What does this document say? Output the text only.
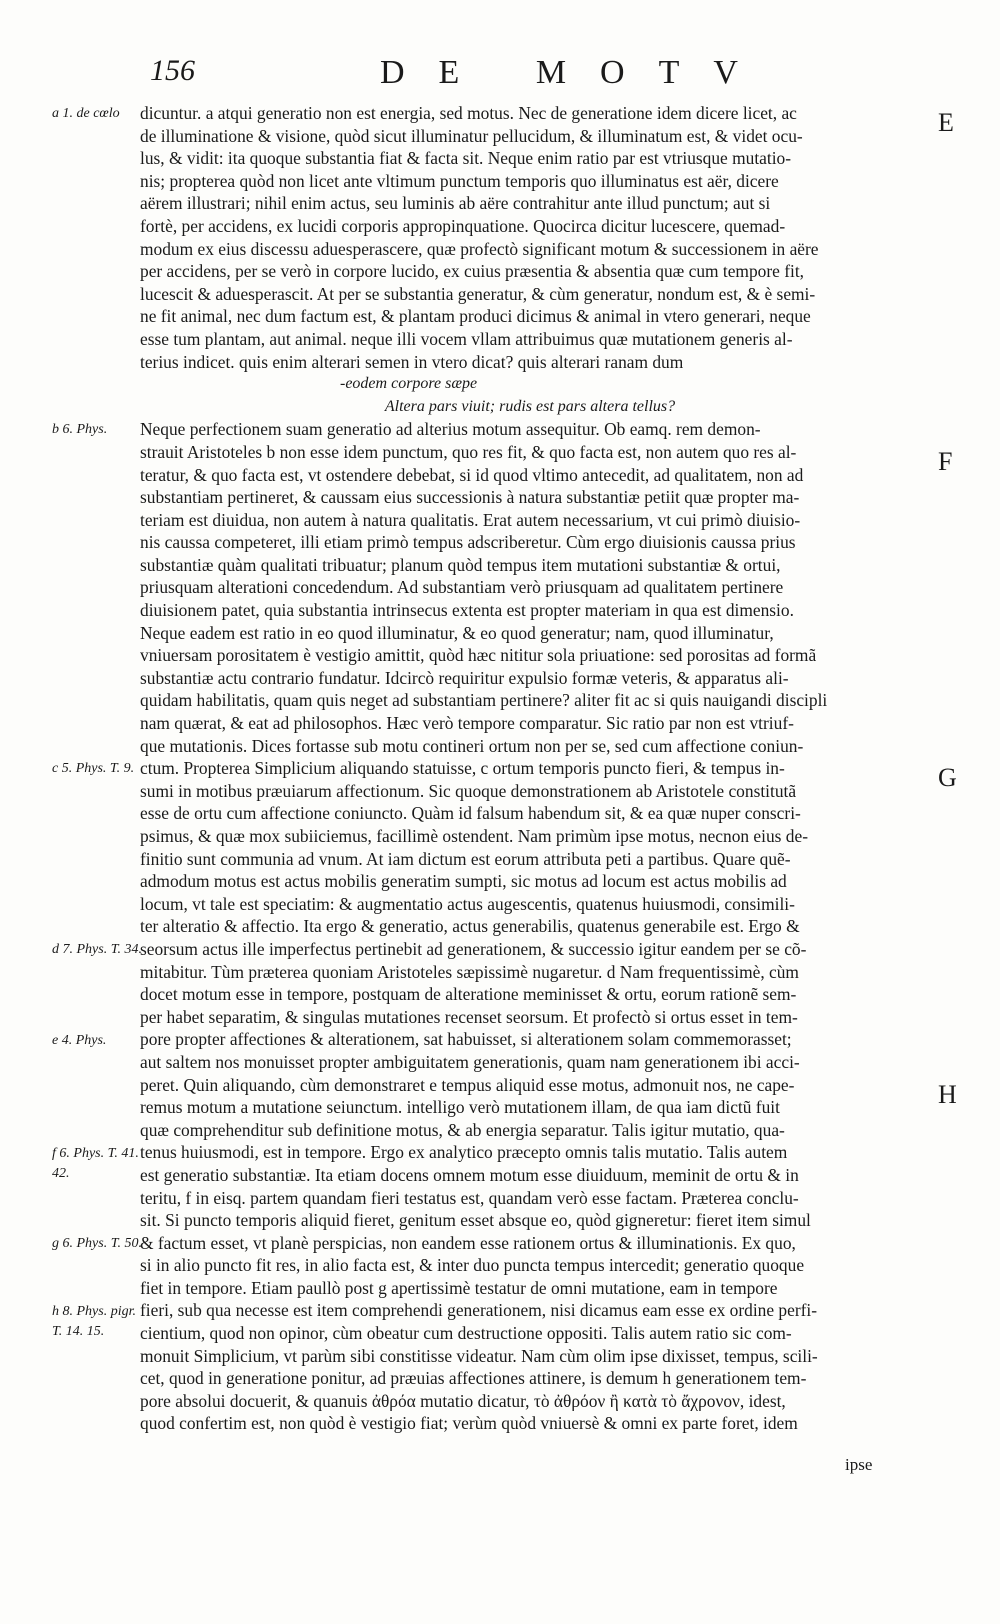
156	DE MOTV
a 1. de cœlo
b 6. Phys.
c 5. Phys. T. 9.
d 7. Phys. T. 34.
e 4. Phys.
f 6. Phys. T. 41. 42.
g 6. Phys. T. 50.
h 8. Phys. pigr. T. 14. 15.
E
F
G
H
dicuntur. a atqui generatio non est energia, sed motus. Nec de generatione idem dicere licet, ac
de illuminatione & visione, quòd sicut illuminatur pellucidum, & illuminatum est, & videt ocu-
lus, & vidit: ita quoque substantia fiat & facta sit. Neque enim ratio par est vtriusque mutatio-
nis; propterea quòd non licet ante vltimum punctum temporis quo illuminatus est aër, dicere
aërem illustrari; nihil enim actus, seu luminis ab aëre contrahitur ante illud punctum; aut si
fortè, per accidens, ex lucidi corporis appropinquatione. Quocirca dicitur lucescere, quemad-
modum ex eius discessu aduesperascere, quæ profectò significant motum & successionem in aëre
per accidens, per se verò in corpore lucido, ex cuius præsentia & absentia quæ cum tempore fit,
lucescit & aduesperascit. At per se substantia generatur, & cùm generatur, nondum est, & è semi-
ne fit animal, nec dum factum est, & plantam produci dicimus & animal in vtero generari, neque
esse tum plantam, aut animal. neque illi vocem vllam attribuimus quæ mutationem generis al-
terius indicet. quis enim alterari semen in vtero dicat? quis alterari ranam dum
-eodem corpore sæpe
Altera pars viuit; rudis est pars altera tellus?
Neque perfectionem suam generatio ad alterius motum assequitur. Ob eamq. rem demon-
strauit Aristoteles b non esse idem punctum, quo res fit, & quo facta est, non autem quo res al-
teratur, & quo facta est, vt ostendere debebat, si id quod vltimo antecedit, ad qualitatem, non ad
substantiam pertineret, & caussam eius successionis à natura substantiæ petiit quæ propter ma-
teriam est diuidua, non autem à natura qualitatis. Erat autem necessarium, vt cui primò diuisio-
nis caussa competeret, illi etiam primò tempus adscriberetur. Cùm ergo diuisionis caussa prius
substantiæ quàm qualitati tribuatur; planum quòd tempus item mutationi substantiæ & ortui,
priusquam alterationi concedendum. Ad substantiam verò priusquam ad qualitatem pertinere
diuisionem patet, quia substantia intrinsecus extenta est propter materiam in qua est dimensio.
Neque eadem est ratio in eo quod illuminatur, & eo quod generatur; nam, quod illuminatur,
vniuersam porositatem è vestigio amittit, quòd hæc nititur sola priuatione: sed porositas ad formã
substantiæ actu contrario fundatur. Idcircò requiritur expulsio formæ veteris, & apparatus ali-
quidam habilitatis, quam quis neget ad substantiam pertinere? aliter fit ac si quis nauigandi discipli
nam quærat, & eat ad philosophos. Hæc verò tempore comparatur. Sic ratio par non est vtriuf-
que mutationis. Dices fortasse sub motu contineri ortum non per se, sed cum affectione coniun-
ctum. Propterea Simplicium aliquando statuisse, c ortum temporis puncto fieri, & tempus in-
sumi in motibus præuiarum affectionum. Sic quoque demonstrationem ab Aristotele constitutã
esse de ortu cum affectione coniuncto. Quàm id falsum habendum sit, & ea quæ nuper conscri-
psimus, & quæ mox subiiciemus, facillimè ostendent. Nam primùm ipse motus, necnon eius de-
finitio sunt communia ad vnum. At iam dictum est eorum attributa peti a partibus. Quare quẽ-
admodum motus est actus mobilis generatim sumpti, sic motus ad locum est actus mobilis ad
locum, vt tale est speciatim: & augmentatio actus augescentis, quatenus huiusmodi, consimili-
ter alteratio & affectio. Ita ergo & generatio, actus generabilis, quatenus generabile est. Ergo &
seorsum actus ille imperfectus pertinebit ad generationem, & successio igitur eandem per se cõ-
mitabitur. Tùm præterea quoniam Aristoteles sæpissimè nugaretur. d Nam frequentissimè, cùm
docet motum esse in tempore, postquam de alteratione meminisset & ortu, eorum rationẽ sem-
per habet separatim, & singulas mutationes recenset seorsum. Et profectò si ortus esset in tem-
pore propter affectiones & alterationem, sat habuisset, si alterationem solam commemorasset;
aut saltem nos monuisset propter ambiguitatem generationis, quam nam generationem ibi acci-
peret. Quin aliquando, cùm demonstraret e tempus aliquid esse motus, admonuit nos, ne cape-
remus motum a mutatione seiunctum. intelligo verò mutationem illam, de qua iam dictũ fuit
quæ comprehenditur sub definitione motus, & ab energia separatur. Talis igitur mutatio, qua-
tenus huiusmodi, est in tempore. Ergo ex analytico præcepto omnis talis mutatio. Talis autem
est generatio substantiæ. Ita etiam docens omnem motum esse diuiduum, meminit de ortu & in
teritu, f in eisq. partem quandam fieri testatus est, quandam verò esse factam. Præterea conclu-
sit. Si puncto temporis aliquid fieret, genitum esset absque eo, quòd gigneretur: fieret item simul
& factum esset, vt planè perspicias, non eandem esse rationem ortus & illuminationis. Ex quo,
si in alio puncto fit res, in alio facta est, & inter duo puncta tempus intercedit; generatio quoque
fiet in tempore. Etiam paullò post g apertissimè testatur de omni mutatione, eam in tempore
fieri, sub qua necesse est item comprehendi generationem, nisi dicamus eam esse ex ordine perfi-
cientium, quod non opinor, cùm obeatur cum destructione oppositi. Talis autem ratio sic com-
monuit Simplicium, vt parùm sibi constitisse videatur. Nam cùm olim ipse dixisset, tempus, scili-
cet, quod in generatione ponitur, ad præuias affectiones attinere, is demum h generationem tem-
pore absolui docuerit, & quanuis ἀθρόα mutatio dicatur, τὸ ἀθρόον ἢ κατὰ τὸ ἄχρονον, idest,
quod confertim est, non quòd è vestigio fiat; verùm quòd vniuersè & omni ex parte foret, idem
ipse
